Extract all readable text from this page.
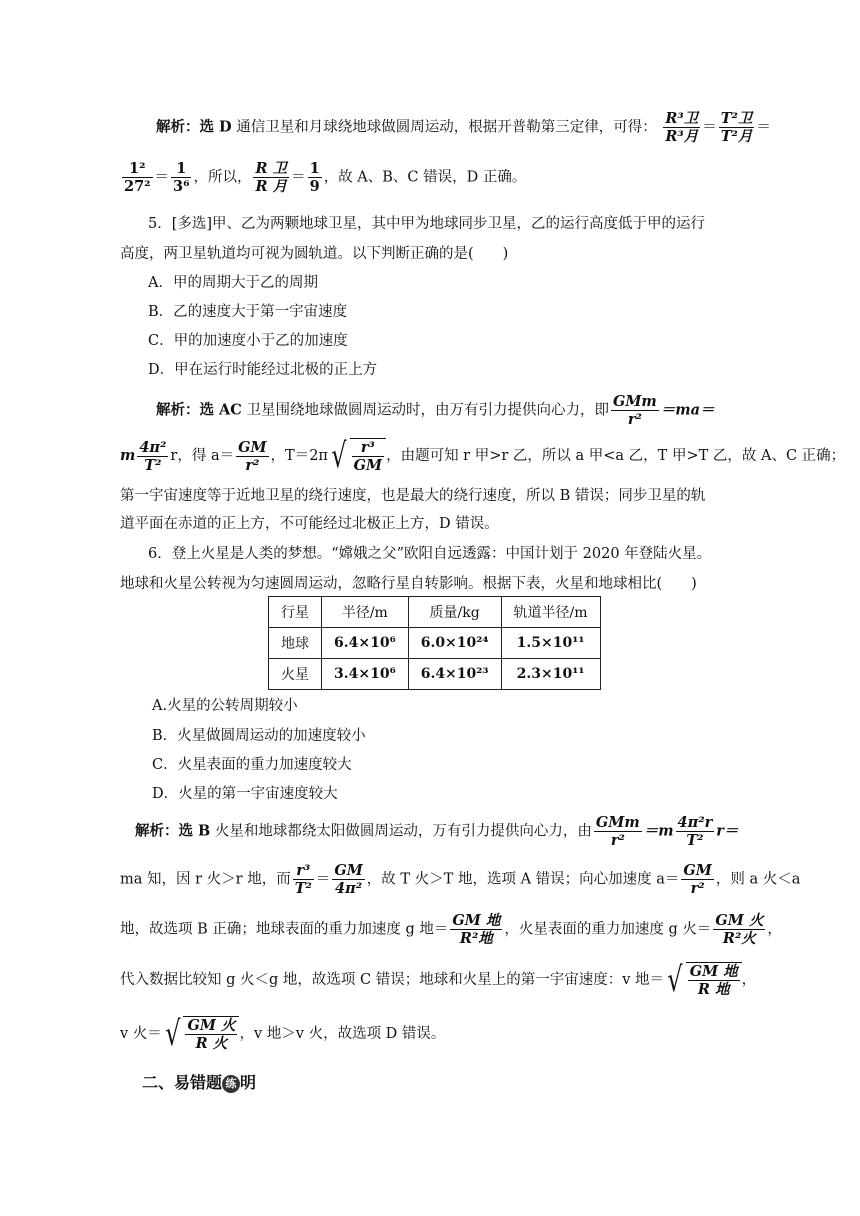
解析：选 D 通信卫星和月球绕地球做圆周运动，根据开普勒第三定律，可得： $\frac{\text{R³卫}}{\text{R³月}} = \frac{\text{T²卫}}{\text{T²月}}$ ＝
$\frac{\text{1²}}{\text{27²}} = \frac{1}{\text{3⁶}}$ ，所以， $\frac{\text{R 卫}}{\text{R 月}} = \frac{1}{9}$ ，故 A、B、C 错误，D 正确。
5．[多选]甲、乙为两颗地球卫星，其中甲为地球同步卫星，乙的运行高度低于甲的运行
高度，两卫星轨道均可视为圆轨道。以下判断正确的是(　　)
A．甲的周期大于乙的周期
B．乙的速度大于第一宇宙速度
C．甲的加速度小于乙的加速度
D．甲在运行时能经过北极的正上方
解析：选 AC 卫星围绕地球做圆周运动时，由万有引力提供向心力，即 $\frac{\text{GMm}}{\text{r²}} =ma=$
m $\frac{\text{4π²}}{\text{T²}}$ r，得 $a= \frac{GM}{\text{r²}}$ ，$T=2\pi√ \frac{\text{r³}}{GM}$ ，由题可知 r 甲>r 乙，所以 a 甲<a 乙，T 甲>T 乙，故 A、C 正确；
第一宇宙速度等于近地卫星的绕行速度，也是最大的绕行速度，所以 B 错误；同步卫星的轨
道平面在赤道的正上方，不可能经过北极正上方，D 错误。
6．登上火星是人类的梦想。“嫦娥之父”欧阳自远透露：中国计划于 2020 年登陆火星。
地球和火星公转视为匀速圆周运动，忽略行星自转影响。根据下表，火星和地球相比(　　)
行星	半径/m	质量/kg	轨道半径/m
地球	6.4×10⁶	6.0×10²⁴	1.5×10¹¹
火星	3.4×10⁶	6.4×10²³	2.3×10¹¹
A.火星的公转周期较小
B．火星做圆周运动的加速度较小
C．火星表面的重力加速度较大
D．火星的第一宇宙速度较大
解析：选 B 火星和地球都绕太阳做圆周运动，万有引力提供向心力，由 $\frac{\text{GMm}}{\text{r²}} =m \frac{\text{4π²r}}{\text{T²}} r=$
ma 知，因 r 火＞r 地，而 $\frac{\text{r³}}{\text{T²}} = \frac{GM}{\text{4π²}}$ ，故 T 火＞T 地，选项 A 错误；向心加速度 $a= \frac{GM}{\text{r²}}$ ，则 a 火＜a
地，故选项 B 正确；地球表面的重力加速度 g 地＝ $\frac{\text{GM 地}}{\text{R²地}}$ ，火星表面的重力加速度 g 火＝ $\frac{\text{GM 火}}{\text{R²火}}$ ，
代入数据比较知 g 火＜g 地，故选项 C 错误；地球和火星上的第一宇宙速度：v 地＝√ $\frac{\text{GM 地}}{\text{R 地}}$ ，
v 火＝√ $\frac{\text{GM 火}}{\text{R 火}}$ ，v 地＞v 火，故选项 D 错误。
二、易错题 练 明
